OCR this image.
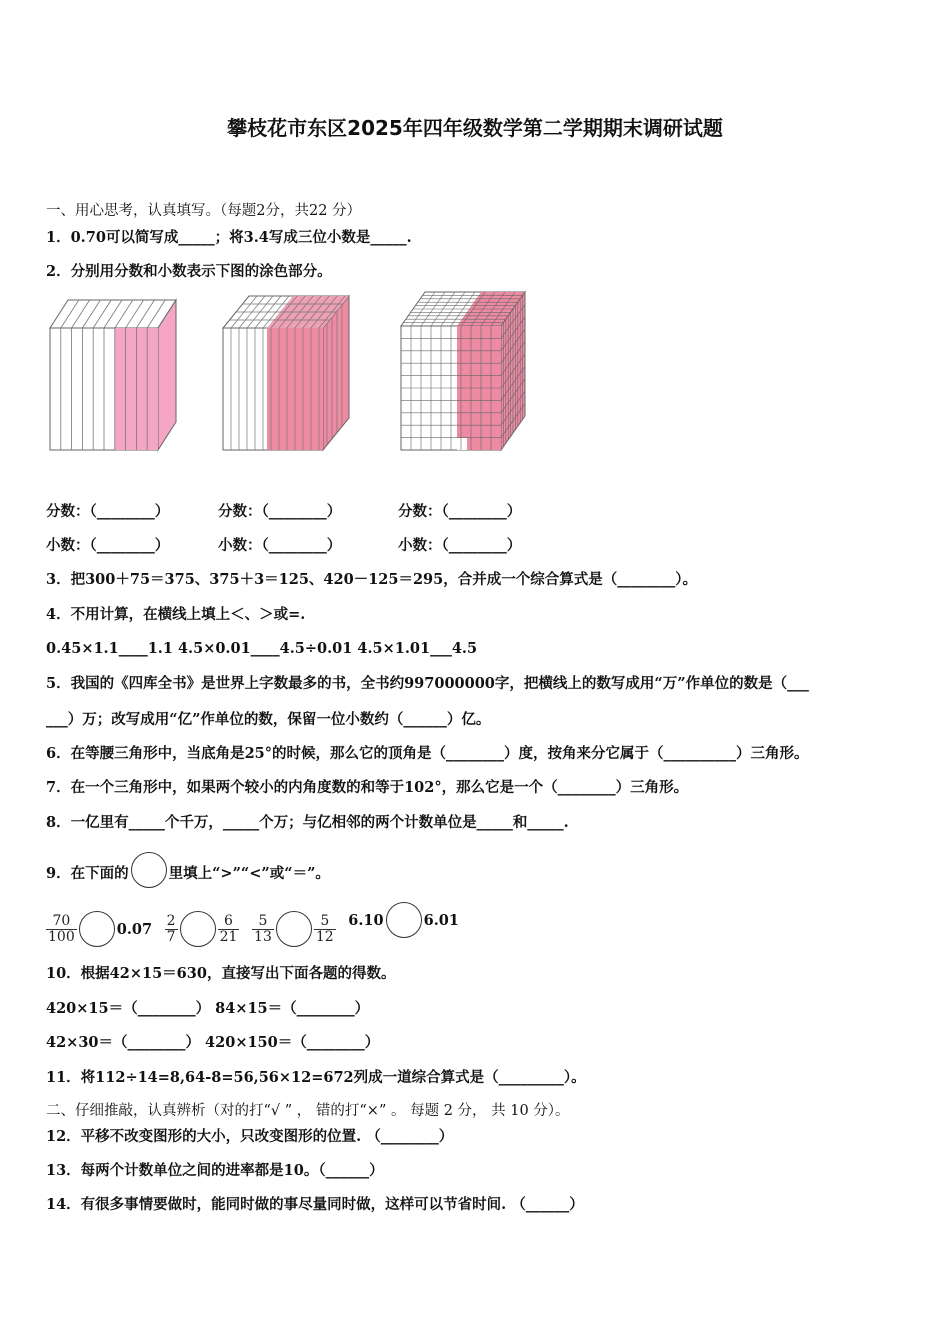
攀枝花市东区2025年四年级数学第二学期期末调研试题
一、用心思考，认真填写。（每题2分，共22 分）
1．0.70可以简写成_____；将3.4写成三位小数是_____.
2．分别用分数和小数表示下图的涂色部分。
分数：（________）	分数：（________）	分数：（________）
小数：（________）	小数：（________）	小数：（________）
3．把300＋75＝375、375＋3＝125、420－125＝295，合并成一个综合算式是（________）。
4．不用计算，在横线上填上＜、＞或=.
0.45×1.1____1.1 4.5×0.01____4.5÷0.01 4.5×1.01___4.5
5．我国的《四库全书》是世界上字数最多的书，全书约997000000字，把横线上的数写成用“万”作单位的数是（___
___）万；改写成用“亿”作单位的数，保留一位小数约（______）亿。
6．在等腰三角形中，当底角是25°的时候，那么它的顶角是（________）度，按角来分它属于（__________）三角形。
7．在一个三角形中，如果两个较小的内角度数的和等于102°，那么它是一个（________）三角形。
8．一亿里有_____个千万，_____个万；与亿相邻的两个计数单位是_____和_____.
9．在下面的	里填上“>”“<”或“＝”。
$\frac{70}{100}$	0.07
$\frac{2}{7}$	$\frac{6}{21}$
$\frac{5}{13}$	$\frac{5}{12}$
6.10	6.01
10．根据42×15＝630，直接写出下面各题的得数。
420×15＝（________） 84×15＝（________）
42×30＝（________） 420×150＝（________）
11．将112÷14=8,64-8=56,56×12=672列成一道综合算式是（_________）。
二、仔细推敲，认真辨析（对的打“√ ” ， 错的打“×” 。 每题 2 分， 共 10 分）。
12．平移不改变图形的大小，只改变图形的位置. （________）
13．每两个计数单位之间的进率都是10。（______）
14．有很多事情要做时，能同时做的事尽量同时做，这样可以节省时间. （______）
